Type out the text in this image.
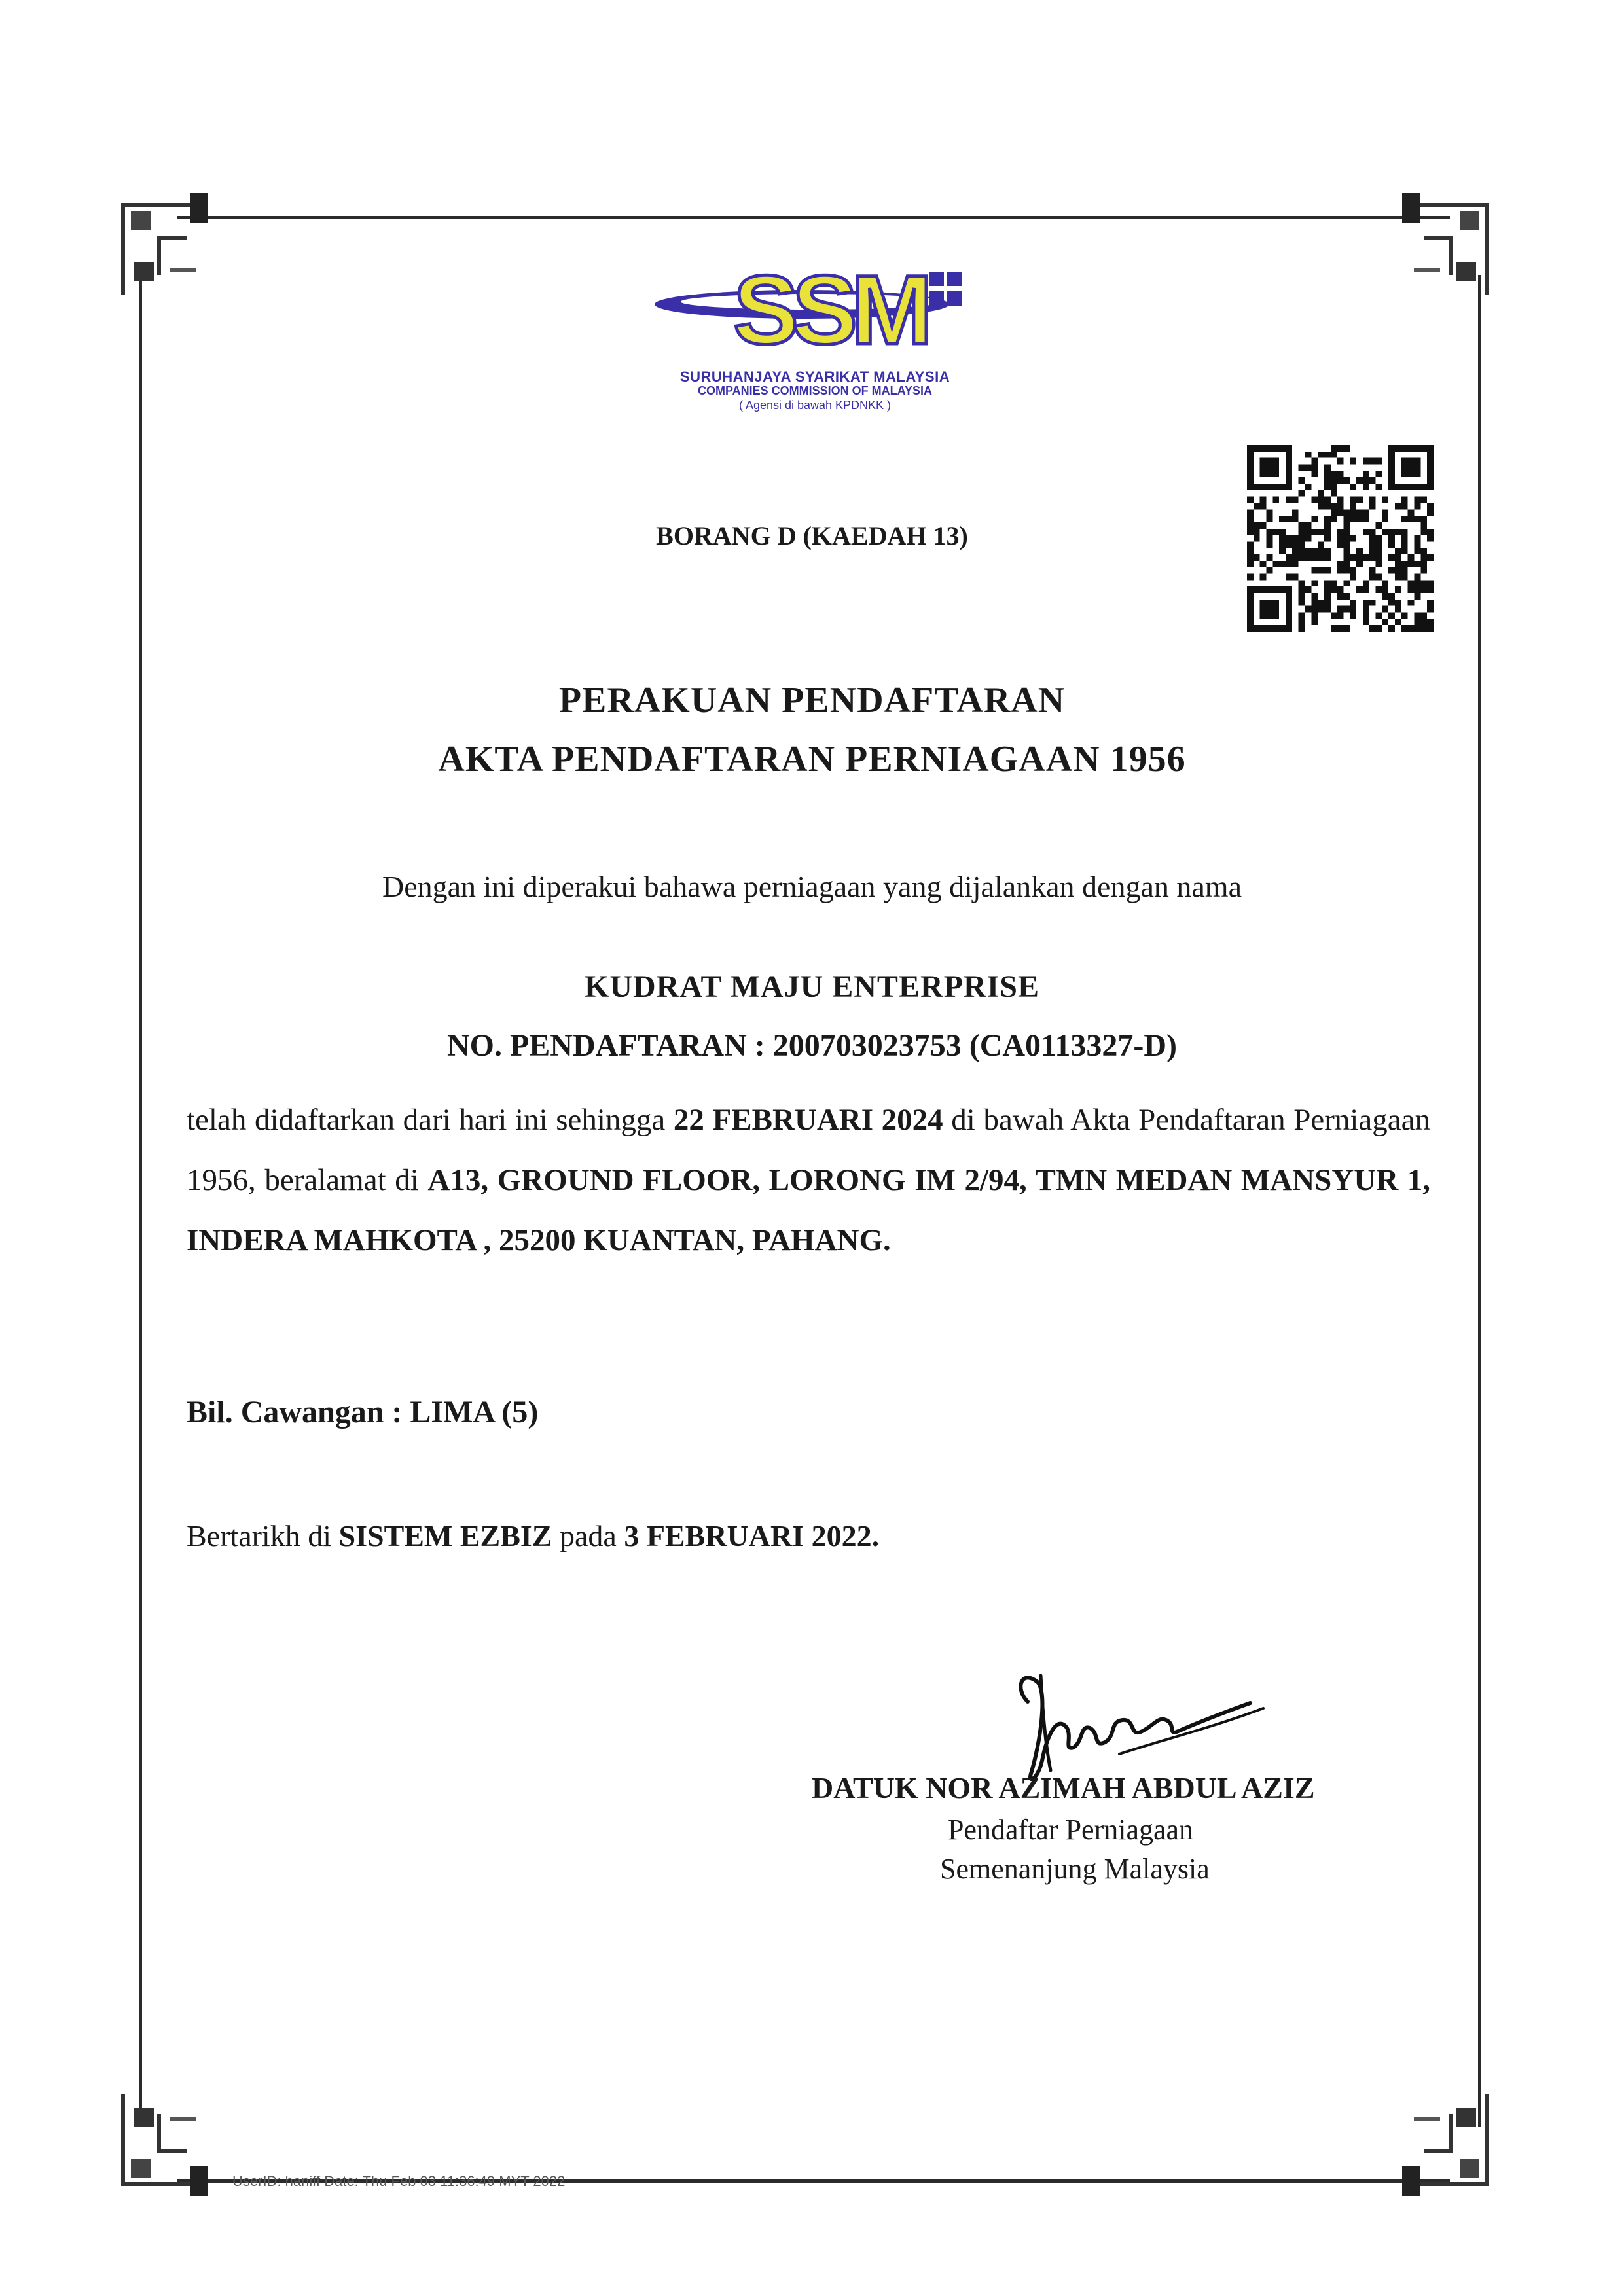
SSM
SURUHANJAYA SYARIKAT MALAYSIA
COMPANIES COMMISSION OF MALAYSIA
( Agensi di bawah KPDNKK )
BORANG D (KAEDAH 13)
PERAKUAN PENDAFTARAN
AKTA PENDAFTARAN PERNIAGAAN 1956
Dengan ini diperakui bahawa perniagaan yang dijalankan dengan nama
KUDRAT MAJU ENTERPRISE
NO. PENDAFTARAN : 200703023753 (CA0113327-D)
telah didaftarkan dari hari ini sehingga 22 FEBRUARI 2024 di bawah Akta Pendaftaran Perniagaan 1956, beralamat di A13, GROUND FLOOR, LORONG IM 2/94, TMN MEDAN MANSYUR 1, INDERA MAHKOTA , 25200 KUANTAN, PAHANG.
Bil. Cawangan : LIMA (5)
Bertarikh di SISTEM EZBIZ pada 3 FEBRUARI 2022.
DATUK NOR AZIMAH ABDUL AZIZ
Pendaftar Perniagaan
Semenanjung Malaysia
UserID: haniff Date: Thu Feb 03 11:36:49 MYT 2022
